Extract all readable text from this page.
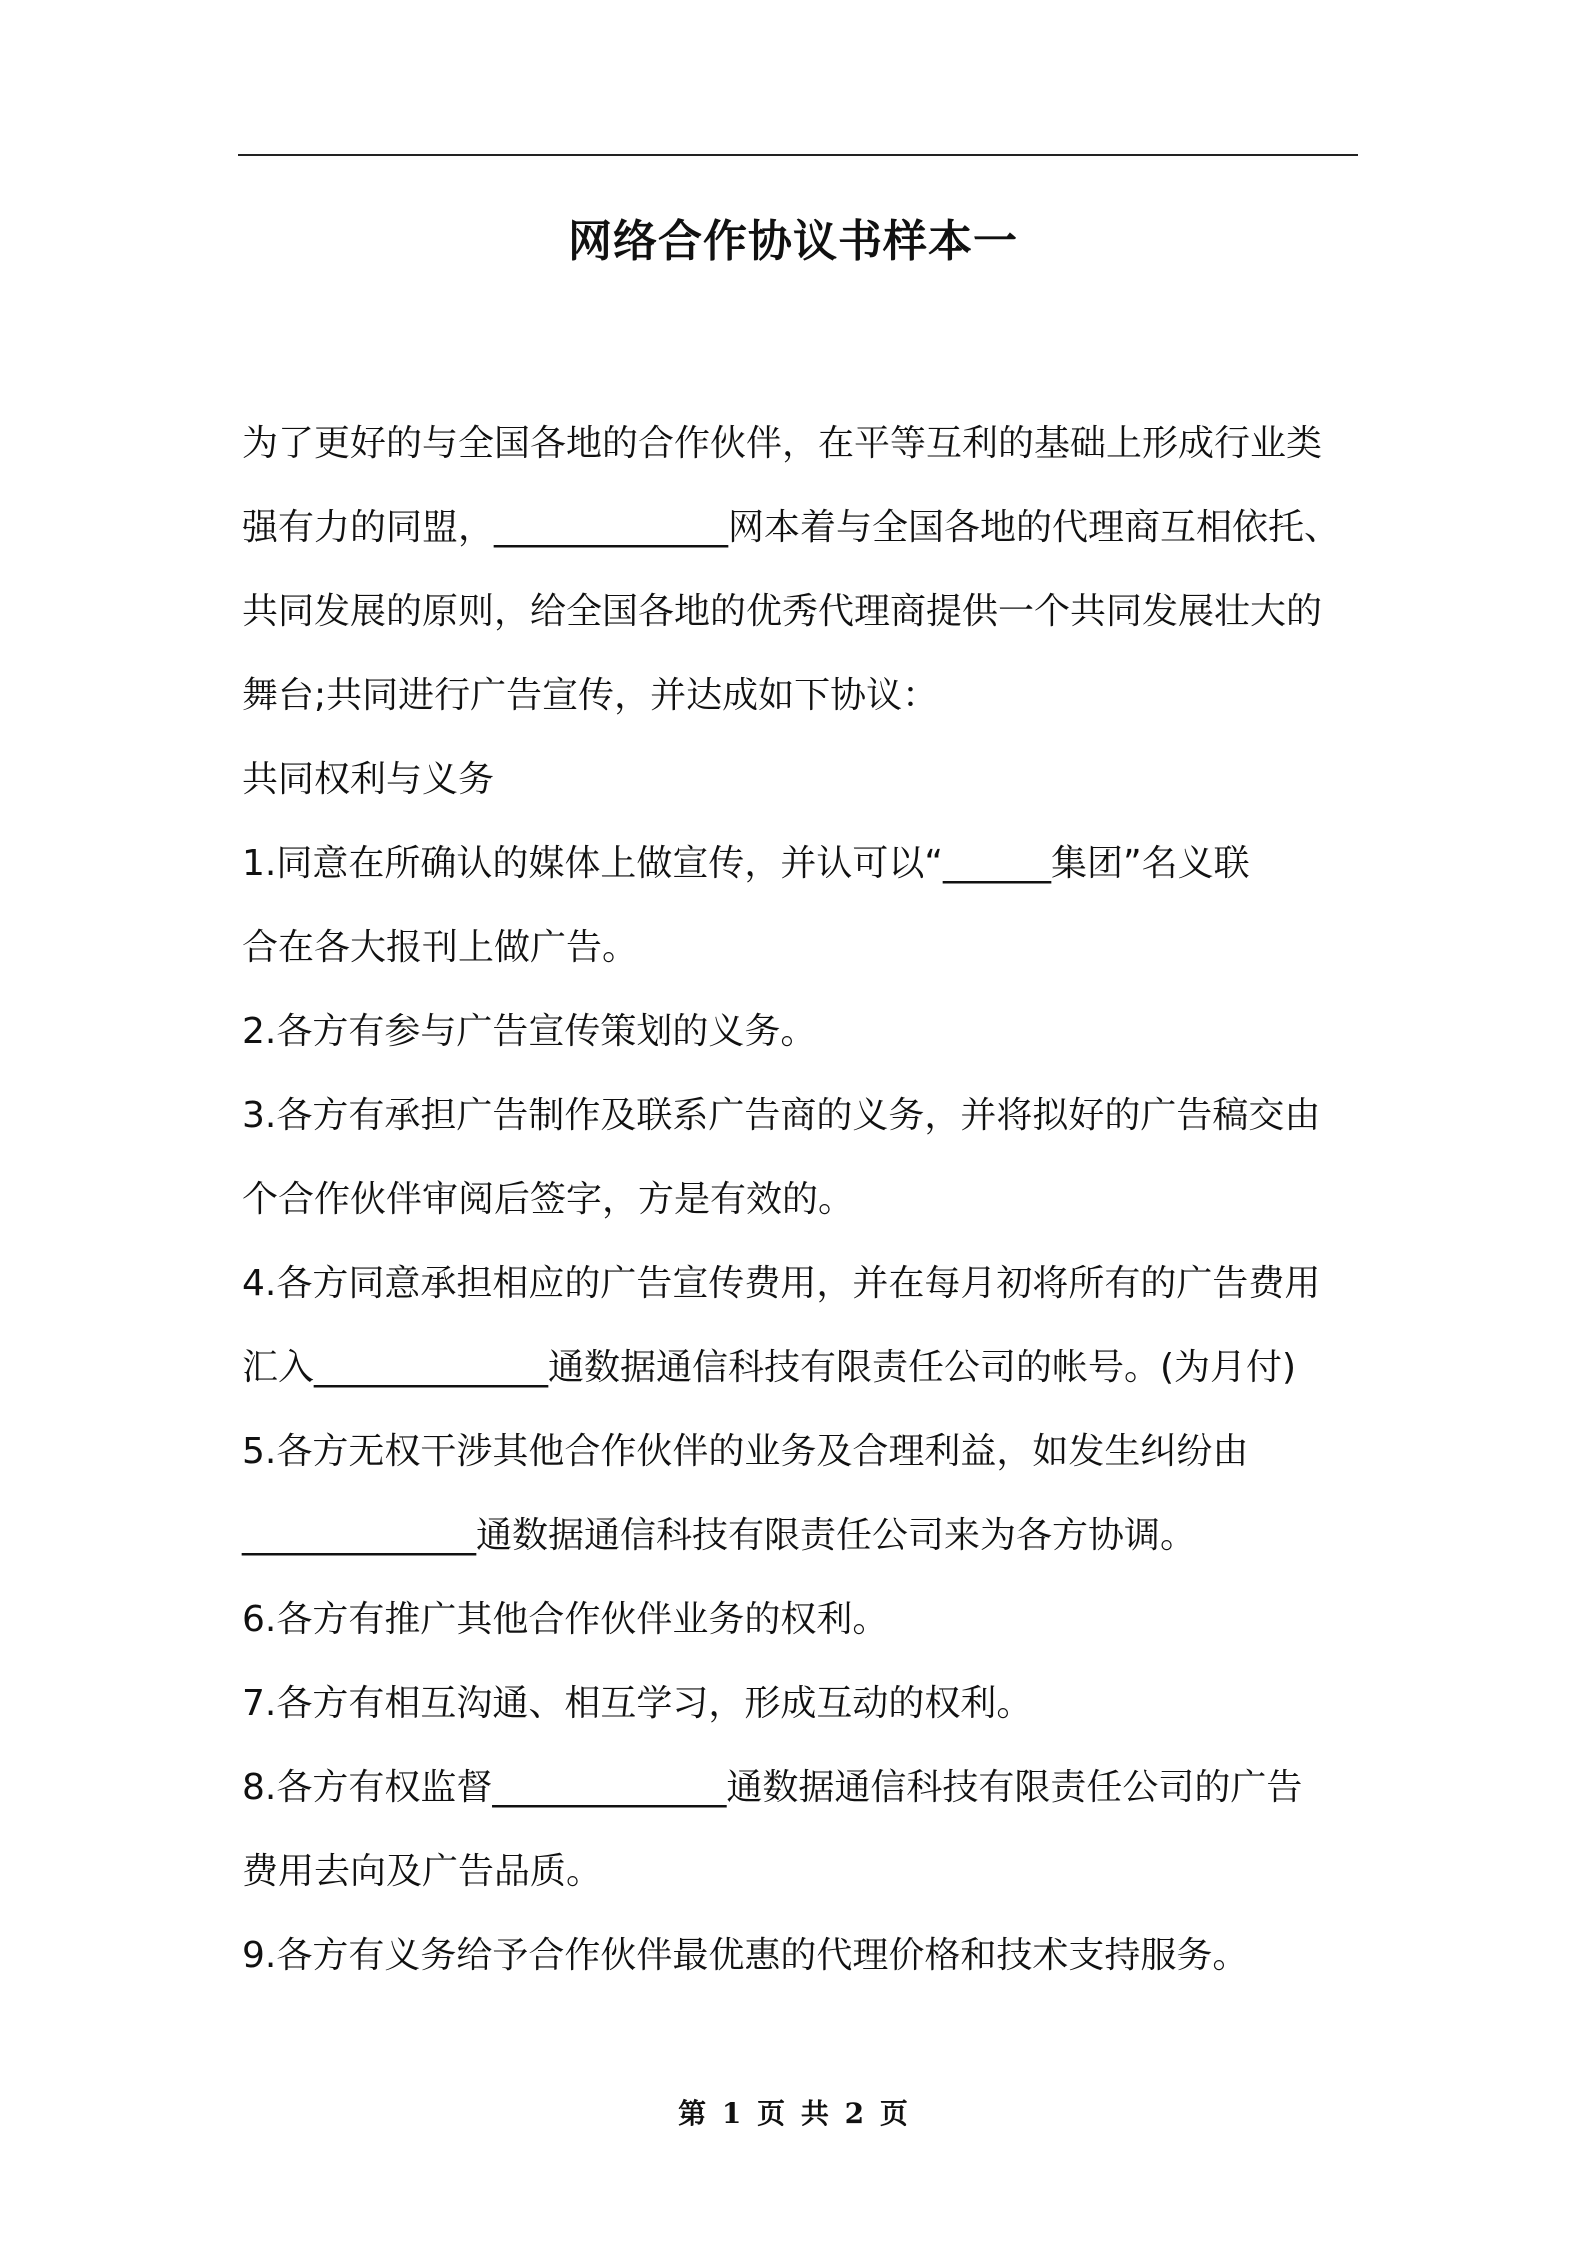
网络合作协议书样本一

为了更好的与全国各地的合作伙伴，在平等互利的基础上形成行业类

强有力的同盟，_____________网本着与全国各地的代理商互相依托、

共同发展的原则，给全国各地的优秀代理商提供一个共同发展壮大的

舞台;共同进行广告宣传，并达成如下协议：

共同权利与义务

1.同意在所确认的媒体上做宣传，并认可以“______集团”名义联

合在各大报刊上做广告。

2.各方有参与广告宣传策划的义务。

3.各方有承担广告制作及联系广告商的义务，并将拟好的广告稿交由

个合作伙伴审阅后签字，方是有效的。

4.各方同意承担相应的广告宣传费用，并在每月初将所有的广告费用

汇入_____________通数据通信科技有限责任公司的帐号。(为月付)

5.各方无权干涉其他合作伙伴的业务及合理利益，如发生纠纷由

_____________通数据通信科技有限责任公司来为各方协调。

6.各方有推广其他合作伙伴业务的权利。

7.各方有相互沟通、相互学习，形成互动的权利。

8.各方有权监督_____________通数据通信科技有限责任公司的广告

费用去向及广告品质。

9.各方有义务给予合作伙伴最优惠的代理价格和技术支持服务。

第 1 页 共 2 页
